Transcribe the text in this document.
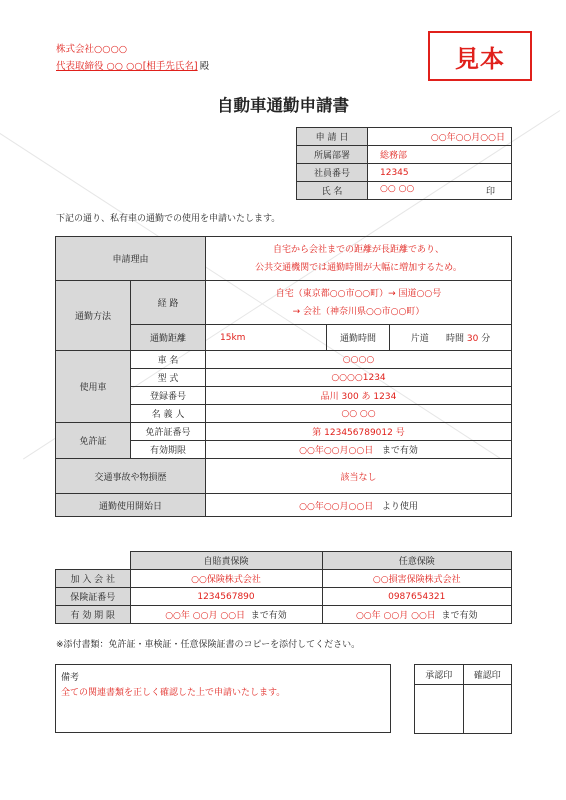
株式会社○○○○
代表取締役 ○○ ○○[相手先氏名] 殿	見本
自動車通勤申請書
申 請 日	○○年○○月○○日
所属部署	総務部
社員番号	12345
氏 名	○○ ○○ 印
下記の通り、私有車の通勤での使用を申請いたします。
申請理由		自宅から会社までの距離が長距離であり、
公共交通機関では通勤時間が大幅に増加するため。		

通勤方法	経 路	自宅（東京都○○市○○町）→ 国道○○号
→ 会社（神奈川県○○市○○町）		

	通勤距離	15km	通勤時間	片道 時間 30 分
使用車	車 名	○○○○		
	型 式	○○○○1234		
	登録番号	品川 300 あ 1234		
	名 義 人	○○ ○○		
免許証	免許証番号	第 123456789012 号		
	有効期限	○○年○○月○○日 まで有効		
交通事故や物損歴		該当なし		
通勤使用開始日		○○年○○月○○日 より使用		
	自賠責保険	任意保険
加 入 会 社	○○保険株式会社	○○損害保険株式会社
保険証番号	1234567890	0987654321
有 効 期 限	○○年 ○○月 ○○日 まで有効	○○年 ○○月 ○○日 まで有効
※添付書類：免許証・車検証・任意保険証書のコピーを添付してください。
備考
全ての関連書類を正しく確認した上で申請いたします。
承認印	確認印
